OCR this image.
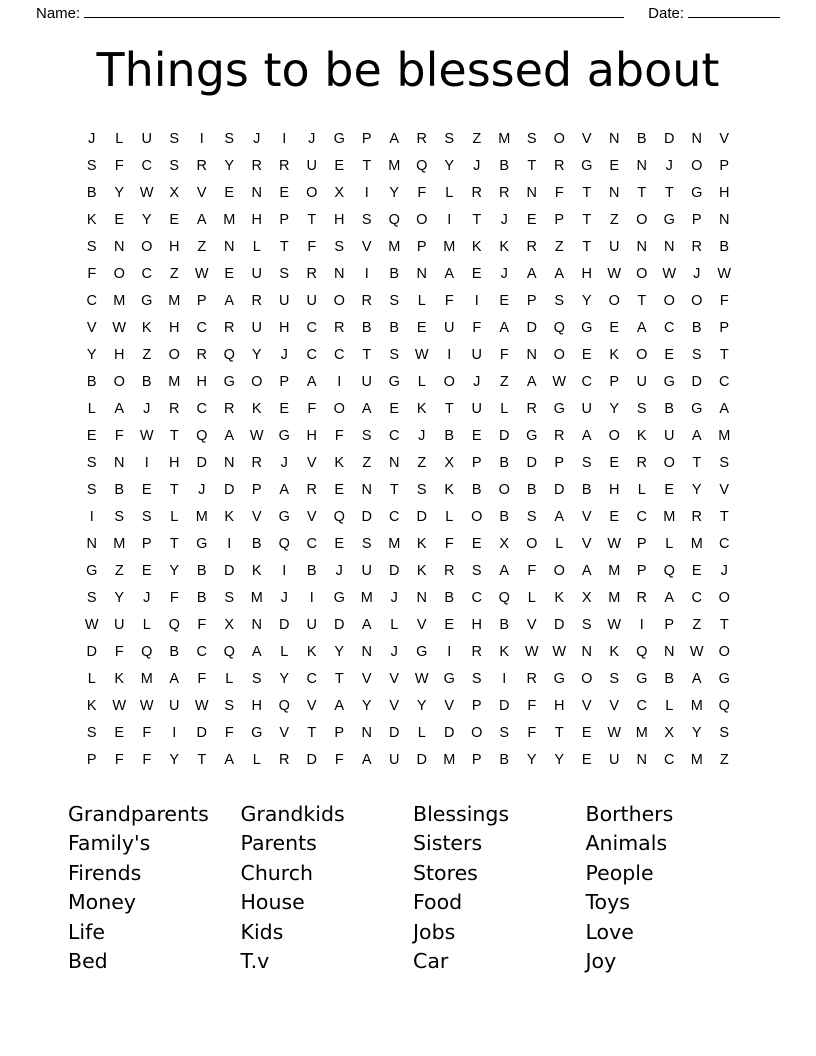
Name:	Date:
Things to be blessed about
J	L	U	S	I	S	J	I	J	G	P	A	R	S	Z	M	S	O	V	N	B	D	N	V
S	F	C	S	R	Y	R	R	U	E	T	M	Q	Y	J	B	T	R	G	E	N	J	O	P
B	Y	W	X	V	E	N	E	O	X	I	Y	F	L	R	R	N	F	T	N	T	T	G	H
K	E	Y	E	A	M	H	P	T	H	S	Q	O	I	T	J	E	P	T	Z	O	G	P	N
S	N	O	H	Z	N	L	T	F	S	V	M	P	M	K	K	R	Z	T	U	N	N	R	B
F	O	C	Z	W	E	U	S	R	N	I	B	N	A	E	J	A	A	H	W	O	W	J	W
C	M	G	M	P	A	R	U	U	O	R	S	L	F	I	E	P	S	Y	O	T	O	O	F
V	W	K	H	C	R	U	H	C	R	B	B	E	U	F	A	D	Q	G	E	A	C	B	P
Y	H	Z	O	R	Q	Y	J	C	C	T	S	W	I	U	F	N	O	E	K	O	E	S	T
B	O	B	M	H	G	O	P	A	I	U	G	L	O	J	Z	A	W	C	P	U	G	D	C
L	A	J	R	C	R	K	E	F	O	A	E	K	T	U	L	R	G	U	Y	S	B	G	A
E	F	W	T	Q	A	W	G	H	F	S	C	J	B	E	D	G	R	A	O	K	U	A	M
S	N	I	H	D	N	R	J	V	K	Z	N	Z	X	P	B	D	P	S	E	R	O	T	S
S	B	E	T	J	D	P	A	R	E	N	T	S	K	B	O	B	D	B	H	L	E	Y	V
I	S	S	L	M	K	V	G	V	Q	D	C	D	L	O	B	S	A	V	E	C	M	R	T
N	M	P	T	G	I	B	Q	C	E	S	M	K	F	E	X	O	L	V	W	P	L	M	C
G	Z	E	Y	B	D	K	I	B	J	U	D	K	R	S	A	F	O	A	M	P	Q	E	J
S	Y	J	F	B	S	M	J	I	G	M	J	N	B	C	Q	L	K	X	M	R	A	C	O
W	U	L	Q	F	X	N	D	U	D	A	L	V	E	H	B	V	D	S	W	I	P	Z	T
D	F	Q	B	C	Q	A	L	K	Y	N	J	G	I	R	K	W W	N	K	Q	N	W	O
L	K	M	A	F	L	S	Y	C	T	V	V	W	G	S	I	R	G	O	S	G	B	A	G
K	W W	U	W	S	H	Q	V	A	Y	V	Y	V	P	D	F	H	V	V	C	L	M	Q
S	E	F	I	D	F	G	V	T	P	N	D	L	D	O	S	F	T	E	W	M	X	Y	S
P	F	F	Y	T	A	L	R	D	F	A	U	D	M	P	B	Y	Y	E	U	N	C	M	Z
Grandparents
Family's
Firends
Money
Life
Bed
Grandkids
Parents
Church
House
Kids
T.v
Blessings
Sisters
Stores
Food
Jobs
Car
Borthers
Animals
People
Toys
Love
Joy
